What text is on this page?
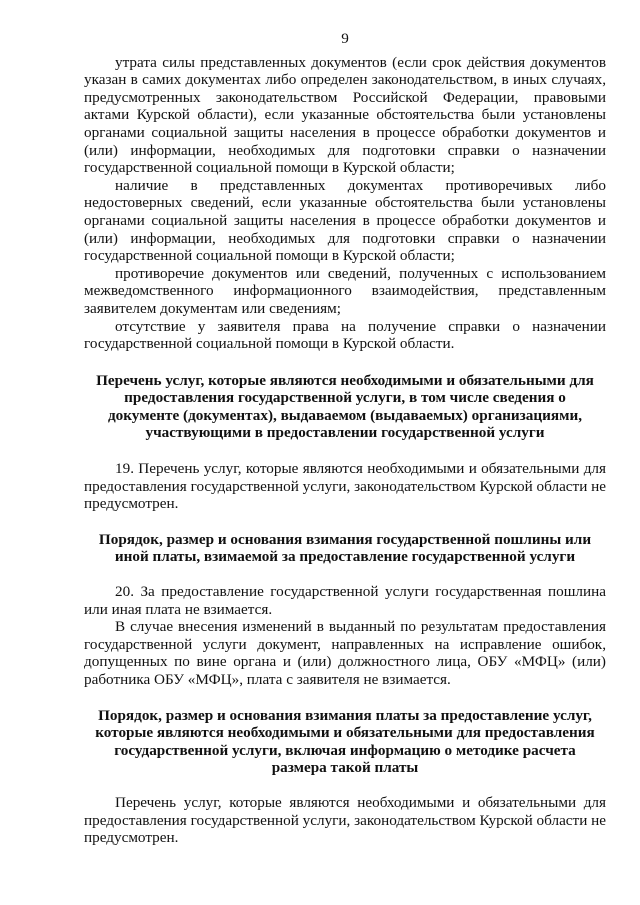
9

утрата силы представленных документов (если срок действия документов указан в самих документах либо определен законодательством, в иных случаях, предусмотренных законодательством Российской Федерации, правовыми актами Курской области), если указанные обстоятельства были установлены органами социальной защиты населения в процессе обработки документов и (или) информации, необходимых для подготовки справки о назначении государственной социальной помощи в Курской области;

наличие в представленных документах противоречивых либо недостоверных сведений, если указанные обстоятельства были установлены органами социальной защиты населения в процессе обработки документов и (или) информации, необходимых для подготовки справки о назначении государственной социальной помощи в Курской области;

противоречие документов или сведений, полученных с использованием межведомственного информационного взаимодействия, представленным заявителем документам или сведениям;

отсутствие у заявителя права на получение справки о назначении государственной социальной помощи в Курской области.

Перечень услуг, которые являются необходимыми и обязательными для предоставления государственной услуги, в том числе сведения о документе (документах), выдаваемом (выдаваемых) организациями, участвующими в предоставлении государственной услуги

19. Перечень услуг, которые являются необходимыми и обязательными для предоставления государственной услуги, законодательством Курской области не предусмотрен.

Порядок, размер и основания взимания государственной пошлины или иной платы, взимаемой за предоставление государственной услуги

20. За предоставление государственной услуги государственная пошлина или иная плата не взимается.

В случае внесения изменений в выданный по результатам предоставления государственной услуги документ, направленных на исправление ошибок, допущенных по вине органа и (или) должностного лица, ОБУ «МФЦ» (или) работника ОБУ «МФЦ», плата с заявителя не взимается.

Порядок, размер и основания взимания платы за предоставление услуг, которые являются необходимыми и обязательными для предоставления государственной услуги, включая информацию о методике расчета размера такой платы

Перечень услуг, которые являются необходимыми и обязательными для предоставления государственной услуги, законодательством Курской области не предусмотрен.
